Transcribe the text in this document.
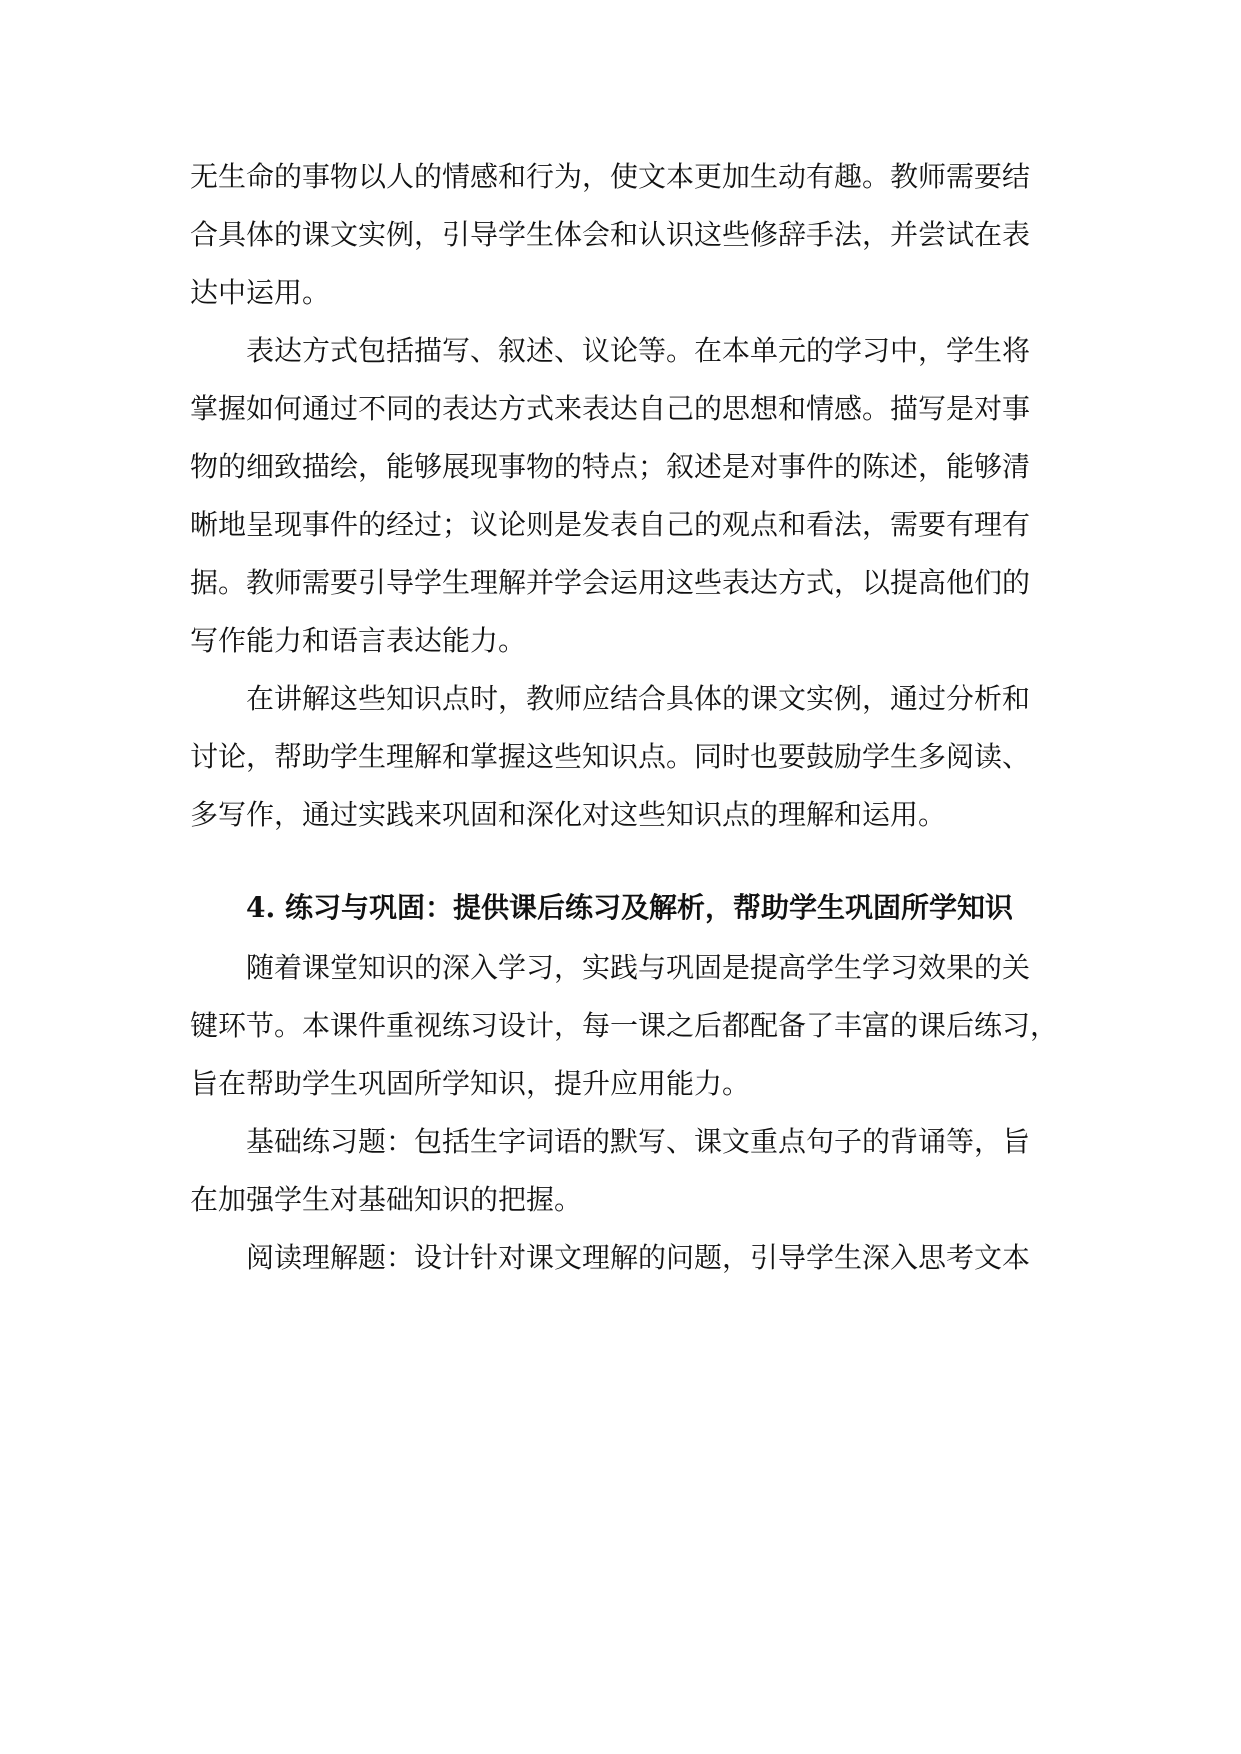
无生命的事物以人的情感和行为，使文本更加生动有趣。教师需要结
合具体的课文实例，引导学生体会和认识这些修辞手法，并尝试在表
达中运用。
表达方式包括描写、叙述、议论等。在本单元的学习中，学生将
掌握如何通过不同的表达方式来表达自己的思想和情感。描写是对事
物的细致描绘，能够展现事物的特点；叙述是对事件的陈述，能够清
晰地呈现事件的经过；议论则是发表自己的观点和看法，需要有理有
据。教师需要引导学生理解并学会运用这些表达方式，以提高他们的
写作能力和语言表达能力。
在讲解这些知识点时，教师应结合具体的课文实例，通过分析和
讨论，帮助学生理解和掌握这些知识点。同时也要鼓励学生多阅读、
多写作，通过实践来巩固和深化对这些知识点的理解和运用。
4. 练习与巩固：提供课后练习及解析，帮助学生巩固所学知识
随着课堂知识的深入学习，实践与巩固是提高学生学习效果的关
键环节。本课件重视练习设计，每一课之后都配备了丰富的课后练习，
旨在帮助学生巩固所学知识，提升应用能力。
基础练习题：包括生字词语的默写、课文重点句子的背诵等，旨
在加强学生对基础知识的把握。
阅读理解题：设计针对课文理解的问题，引导学生深入思考文本
